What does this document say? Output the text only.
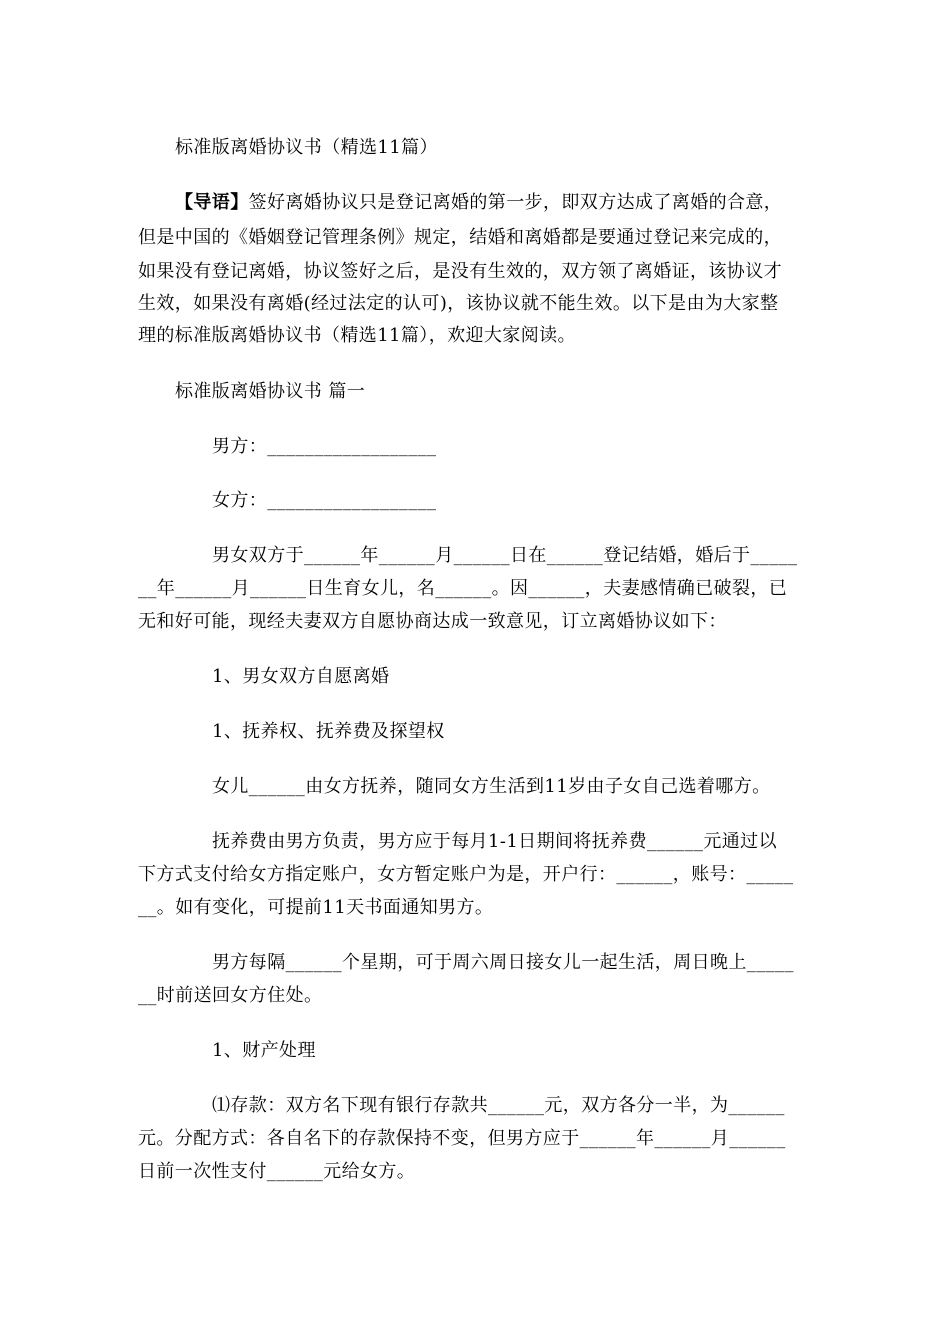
标准版离婚协议书（精选11篇）
【导语】签好离婚协议只是登记离婚的第一步，即双方达成了离婚的合意，
但是中国的《婚姻登记管理条例》规定，结婚和离婚都是要通过登记来完成的，
如果没有登记离婚，协议签好之后，是没有生效的，双方领了离婚证，该协议才
生效，如果没有离婚(经过法定的认可)，该协议就不能生效。以下是由为大家整
理的标准版离婚协议书（精选11篇），欢迎大家阅读。
标准版离婚协议书 篇一
男方：__________________
女方：__________________
男女双方于______年______月______日在______登记结婚，婚后于_____
__年______月______日生育女儿，名______。因______，夫妻感情确已破裂，已
无和好可能，现经夫妻双方自愿协商达成一致意见，订立离婚协议如下：
1、男女双方自愿离婚
1、抚养权、抚养费及探望权
女儿______由女方抚养，随同女方生活到11岁由子女自己选着哪方。
抚养费由男方负责，男方应于每月1-1日期间将抚养费______元通过以
下方式支付给女方指定账户，女方暂定账户为是，开户行：______，账号：_____
__。如有变化，可提前11天书面通知男方。
男方每隔______个星期，可于周六周日接女儿一起生活，周日晚上_____
__时前送回女方住处。
1、财产处理
⑴存款：双方名下现有银行存款共______元，双方各分一半，为______
元。分配方式：各自名下的存款保持不变，但男方应于______年______月______
日前一次性支付______元给女方。
